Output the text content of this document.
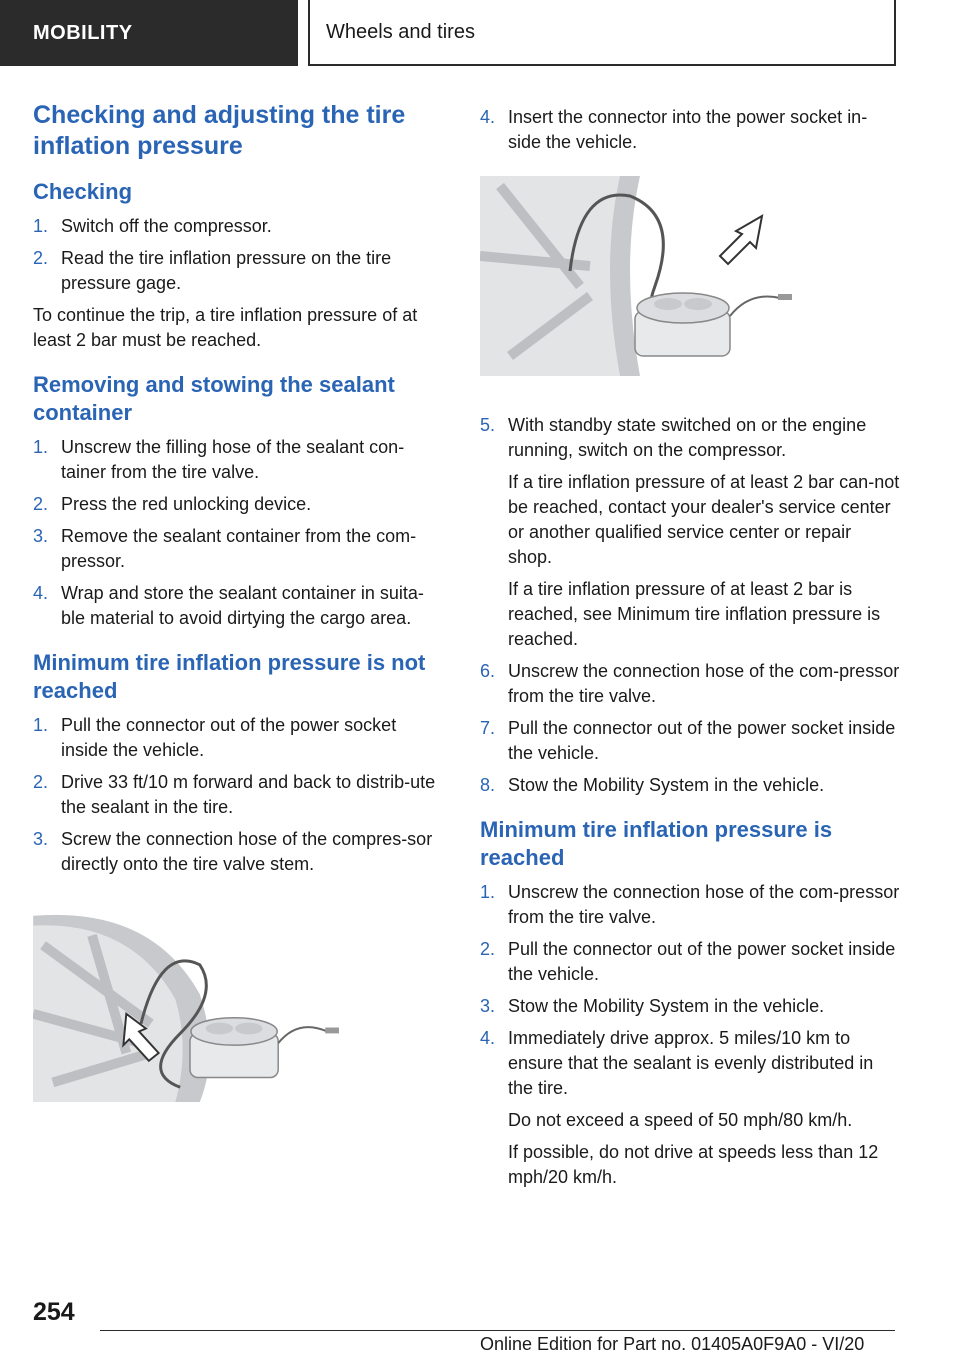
MOBILITY	Wheels and tires
Checking and adjusting the tire inflation pressure
Checking
1. Switch off the compressor.
2. Read the tire inflation pressure on the tire pressure gage.

To continue the trip, a tire inflation pressure of at least 2 bar must be reached.

Removing and stowing the sealant container
1. Unscrew the filling hose of the sealant con-tainer from the tire valve.
2. Press the red unlocking device.
3. Remove the sealant container from the com-pressor.
4. Wrap and store the sealant container in suita-ble material to avoid dirtying the cargo area.
Minimum tire inflation pressure is not reached
1. Pull the connector out of the power socket inside the vehicle.
2. Drive 33 ft/10 m forward and back to distrib-ute the sealant in the tire.
3. Screw the connection hose of the compres-sor directly onto the tire valve stem.
4. Insert the connector into the power socket in-side the vehicle.
5. With standby state switched on or the engine running, switch on the compressor.

If a tire inflation pressure of at least 2 bar can-not be reached, contact your dealer's service center or another qualified service center or repair shop.

If a tire inflation pressure of at least 2 bar is reached, see Minimum tire inflation pressure is reached.

6. Unscrew the connection hose of the com-pressor from the tire valve.
7. Pull the connector out of the power socket inside the vehicle.
8. Stow the Mobility System in the vehicle.
Minimum tire inflation pressure is reached
1. Unscrew the connection hose of the com-pressor from the tire valve.
2. Pull the connector out of the power socket inside the vehicle.
3. Stow the Mobility System in the vehicle.
4. Immediately drive approx. 5 miles/10 km to ensure that the sealant is evenly distributed in the tire.

Do not exceed a speed of 50 mph/80 km/h.

If possible, do not drive at speeds less than 12 mph/20 km/h.

254
Online Edition for Part no. 01405A0F9A0 - VI/20
